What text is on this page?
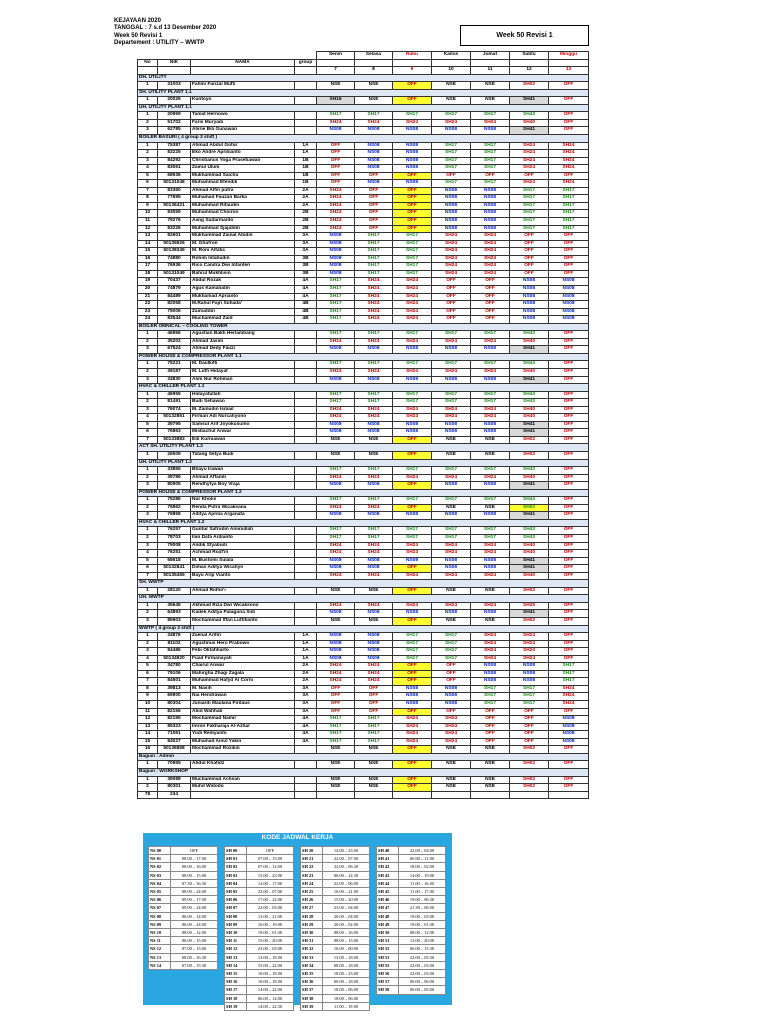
KEJAYAAN 2020
TANGGAL : 7 s.d 13 Desember 2020
Week 50 Revisi 1
Departement : UTILITY – WWTP
Week 50 Revisi 1
				Senin	Selasa	Rabu	Kamis	Jumat	Sabtu	Minggu
No	NIK	NAMA	group							
				7	8	9	10	11	12	13
DH. UTILITY										
1	31003	Fahmi Farizal Mufti		NSE	NSE	OFF	NSE	NSE	SH02	OFF
SH. UTILITY PLANT 1.1										
1	20026	Kuntoyo		SH16	NSE	OFF	NSE	NSE	SH41	OFF
UH. UTILITY PLANT 1.1										
1	20959	Tamat Hernowo		SH17	SH17	SH17	SH17	SH17	SH43	OFF
2	51702	Faris Muryadi		SH24	SH24	SH24	SH24	SH24	SH40	OFF
3	62785	Alvrie Bili Gunawan		NS08	NS08	NS08	NS08	NS08	SH41	OFF
BOILER BASURI ( 4 group 3 shift )										
1	75387	Ahmad Abdul Gofur	1A	OFF	NS08	NS08	SH17	SH17	SH24	SH24
2	83225	Eko Andre Apriliianto	1A	OFF	NS08	NS08	SH17	SH17	SH24	SH24
3	84292	Christianus Yoga Prasetiawan	1B	OFF	NS08	NS08	SH17	SH17	SH24	SH24
4	83061	Zainul Ulum	1B	OFF	NS08	NS08	SH17	SH17	SH24	SH24
5	68936	Mukhammad Saichu	1B	OFF	OFF	OFF	OFF	OFF	OFF	OFF
6	50131048	Muhammad Efendik	1B	OFF	NS08	NS08	SH17	SH17	SH24	SH24
7	83360	Ahmad Alfin putra	2A	SH24	OFF	OFF	NS08	NS08	SH17	SH17
8	77695	Muhamad Fauzan Barka	2A	SH24	OFF	OFF	NS08	NS08	SH17	SH17
9	50136421	Muhammad Rifaudin	2A	SH24	OFF	OFF	NS08	NS08	SH17	SH17
10	83059	Muhammad Choiron	2B	SH24	OFF	OFF	NS08	NS08	SH17	SH17
11	79276	Aang Sudarmanto	2B	SH24	OFF	OFF	NS08	NS08	SH17	SH17
12	83226	Muhammad Sjajiddin	2B	SH24	OFF	OFF	NS08	NS08	SH17	SH17
13	82601	Mukhammad Zainal Abidin	3A	NS08	SH17	SH17	SH24	SH24	OFF	OFF
14	50135926	M. Ghufron	3A	NS08	SH17	SH17	SH24	SH24	OFF	OFF
15	50138349	M. Roni Alfatic	3A	NS08	SH17	SH17	SH24	SH24	OFF	OFF
16	74880	Rohim Istahudin	3B	NS08	SH17	SH17	SH24	SH24	OFF	OFF
17	76936	Rico Candra Dwi Infanteri	3B	NS08	SH17	SH17	SH24	SH24	OFF	OFF
18	50131049	Bahrul Mukhlisin	3B	NS08	SH17	SH17	SH24	SH24	OFF	OFF
19	70437	Abdul Rozak	4A	SH17	SH24	SH24	OFF	OFF	NS08	NS08
20	74879	Agus Kamaludin	4A	SH17	SH24	SH24	OFF	OFF	NS08	NS08
21	84489	Mukhamad Aprianto	4A	SH17	SH24	SH24	OFF	OFF	NS08	NS08
22	82058	M.Rahul Fajri Suhada'	4B	SH17	SH24	SH24	OFF	OFF	NS08	NS08
23	79006	Zainuddin	4B	SH17	SH24	SH24	OFF	OFF	NS08	NS08
24	83544	Muchammad Zaid	4B	SH17	SH24	SH24	OFF	OFF	NS08	NS08
BOILER OMNICAL – COOLING TOWER										
1	46956	Agustian Bakti Herlambang		SH17	SH17	SH17	SH17	SH17	SH43	OFF
2	35202	Ahmad Jasim		SH24	SH24	SH24	SH24	SH24	SH40	OFF
3	67524	Ahmad Dedy Fauzi		NS08	NS08	NS08	NS08	NS08	SH41	OFF
POWER HOUSE & COMPRESSOR PLANT 1.1										
1	75221	M. Daulkifli		SH17	SH17	SH17	SH17	SH17	SH43	OFF
2	39187	M. Lutfi Hidayat		SH24	SH24	SH24	SH24	SH24	SH40	OFF
3	34830	Alim Nur Rohman		NS08	NS08	NS08	NS08	NS08	SH41	OFF
HVAC & CHILLER PLANT 1.1										
1	46955	Hidayatullah		SH17	SH17	SH17	SH17	SH17	SH43	OFF
2	81491	Budi Setiawan		SH17	SH17	SH17	SH17	SH17	SH43	OFF
3	76074	M. Zainudin Ismail		SH24	SH24	SH24	SH24	SH24	SH40	OFF
4	50132851	Firman Adi Nurcahyono		SH24	SH24	SH24	SH24	SH24	SH40	OFF
5	39795	Samsul Arif Joyokusumo		NS08	NS08	NS08	NS08	NS08	SH41	OFF
6	76863	Misbachul Anwar		NS08	NS08	NS08	NS08	NS08	SH41	OFF
7	50133883	Edi Kurniawan		NSE	NSE	OFF	NSE	NSE	SH02	OFF
ACT SH. UTILITY PLANT 1.2										
1	26509	Tatang Setya Budi		NSE	NSE	OFF	NSE	NSE	SH02	OFF
UH. UTILITY PLANT 1.2										
1	33855	Bhayu Irawan		SH17	SH17	SH17	SH17	SH17	SH43	OFF
2	39786	Ahmad Affandi		SH24	SH24	SH24	SH24	SH24	SH40	OFF
3	80905	Rendhytya Boy Vraja		NS08	NS08	OFF	NS08	NS08	SH41	OFF
POWER HOUSE & COMPRESSOR PLANT 1.2										
1	75286	Nur Kholis		SH17	SH17	SH17	SH17	SH17	SH43	OFF
2	76862	Renda Putra Wicaksana		SH24	SH24	OFF	NSE	NSE	SH02	OFF
3	76858	Aditya Aprilia Arganata		NS08	NS08	NS08	NS08	NS08	SH41	OFF
HVAC & CHILLER PLANT 1.2										
1	76257	Guntur Safrudin Aminullah		SH17	SH17	SH17	SH17	SH17	SH43	OFF
2	78703	Ilan Dafa Ardianto		SH17	SH17	SH17	SH17	SH17	SH43	OFF
3	79008	Andik Styabudi		SH24	SH24	SH24	SH24	SH24	SH40	OFF
4	76251	Achmad Roaf'in		SH24	SH24	SH24	SH24	SH24	SH40	OFF
5	68618	M. Bustomi Sulala		NS08	NS08	NS08	NS08	NS08	SH41	OFF
6	50132841	Dimas Aditya Wicahyo		NS08	NS08	OFF	NS08	NS08	SH41	OFF
7	50135465	Bayu Arip Vianto		SH24	SH24	SH24	SH24	SH24	SH40	OFF
SH. WWTP										
1	28120	Ahmad Ridho'i		NSE	NSE	OFF	NSE	NSE	SH02	OFF
UH. WWTP										
1	35645	Akhmad Riza Dwi Wicaksono		SH24	SH24	SH24	SH24	SH24	SH25	OFF
2	64893	Kadek Aditya Palaguna Sidi		NS08	NS08	NS08	NS08	NS08	SH41	OFF
3	85903	Mochammad Iffan Luthfianto		NSE	NSE	OFF	NSE	NSE	SH02	OFF
WWTP ( 4 group 3 shift )										
1	34876	Zaenal Arifin	1A	NS08	NS08	SH17	SH17	SH24	SH24	OFF
2	81102	Agustinus Heru Prabowo	1A	NS08	NS08	SH17	SH17	SH24	SH24	OFF
3	84486	Febi Oktafiharto	1A	NS08	NS08	SH17	SH17	SH24	SH24	OFF
4	50134920	Fuad Firmanayah	1A	NS08	NS08	SH17	SH17	SH24	SH24	OFF
5	34780	Chairul Anwar	2A	SH24	SH24	OFF	OFF	NS08	NS08	SH17
6	79106	Mahirgha Zhagi Zagala	2A	SH24	SH24	OFF	OFF	NS08	NS08	SH17
7	84501	Muhammad Hafyd Al Corni	2A	SH24	SH24	OFF	OFF	NS08	NS08	SH17
8	39813	M. Nasih	3A	OFF	OFF	NS08	NS08	SH17	SH17	SH24
9	69900	Nia Hendrawan	3A	OFF	OFF	NS08	NS08	SH17	SH17	SH24
10	80304	Juniardi Maulana Firdaus	3A	OFF	OFF	NS08	NS08	SH17	SH17	SH24
11	82156	Abid Wahhab	3A	OFF	OFF	OFF	OFF	OFF	OFF	OFF
12	82155	Mochammad Namir	4A	SH17	SH17	SH24	SH24	OFF	OFF	NS08
13	85323	Imron Fakharaja Al-Azhar	4A	SH17	SH17	SH24	SH24	OFF	OFF	NS08
14	71061	Yudi Rediyanto	4A	SH17	SH17	SH24	SH24	OFF	OFF	NS08
15	84027	Muhamad Ainul Yakin	4A	SH17	SH17	SH24	SH24	OFF	OFF	NS08
16	50136858	Mochammad Rozikin		NSE	NSE	OFF	NSE	NSE	SH02	OFF
Bagian : Admin										
1	70955	Abdul Khafidz		NSE	NSE	OFF	NSE	NSE	SH02	OFF
Bagian : WORKSHOP										
1	39088	Muchammad Achsan		NSE	NSE	OFF	NSE	NSE	SH02	OFF
2	80301	Muhd Widodo		NSE	NSE	OFF	NSE	NSE	SH02	OFF
78	234									
KODE JADWAL KERJA
NS 00	OFF
NS 01	08.00 – 17.00
NS 02	08.00 – 16.00
NS 03	08.00 – 15.00
NS 04	07.30 – 16.30
NS 05	08.00 – 24.00
NS 06	09.00 – 17.00
NS 07	09.00 – 24.00
NS 08	06.00 – 14.00
NS 09	06.00 – 24.00
NS 10	08.00 – 12.00
NS 11	06.00 – 15.00
NS 12	07.00 – 13.00
NS 13	08.00 – 16.30
NS 14	07.00 – 15.30
SH 00	OFF
SH 01	07.00 – 15.00
SH 02	07.00 – 12.00
SH 03	15.00 – 23.00
SH 04	12.00 – 17.00
SH 05	23.00 – 07.00
SH 06	17.00 – 22.00
SH 07	22.00 – 03.00
SH 08	13.00 – 21.00
SH 09	16.00 – 19.00
SH 10	19.00 – 01.00
SH 11	15.00 – 20.00
SH 12	23.00 – 03.00
SH 13	13.00 – 18.00
SH 14	15.00 – 22.00
SH 15	10.00 – 18.00
SH 16	10.00 – 18.00
SH 17	14.00 – 22.00
SH 18	06.00 – 14.00
SH 19	14.00 – 22.30
SH 20	14.00 – 23.00
SH 21	22.00 – 07.00
SH 22	22.00 – 06.30
SH 23	06.00 – 14.30
SH 24	22.00 – 06.00
SH 25	16.00 – 21.00
SH 26	15.00 – 20.00
SH 27	23.00 – 04.00
SH 28	20.00 – 04.00
SH 29	20.00 – 02.00
SH 30	08.00 – 16.00
SH 31	08.00 – 13.00
SH 32	16.00 – 00.00
SH 33	13.00 – 18.00
SH 34	08.00 – 18.00
SH 35	18.00 – 23.00
SH 36	06.00 – 18.00
SH 37	18.00 – 06.00
SH 38	18.00 – 06.00
SH 39	11.00 – 19.00
SH 40	22.00 – 04.00
SH 41	06.00 – 11.00
SH 42	18.00 – 02.00
SH 43	14.00 – 19.00
SH 44	11.00 – 16.00
SH 45	11.00 – 17.00
SH 46	19.00 – 06.30
SH 47	21.30 – 06.00
SH 48	19.00 – 03.00
SH 49	19.00 – 01.00
SH 50	08.00 – 12.00
SH 51	12.00 – 20.00
SH 52	06.00 – 13.30
SH 53	22.00 – 05.30
SH 55	22.00 – 03.00
SH 56	22.00 – 03.00
SH 57	00.00 – 06.00
SH 58	00.00 – 05.00
